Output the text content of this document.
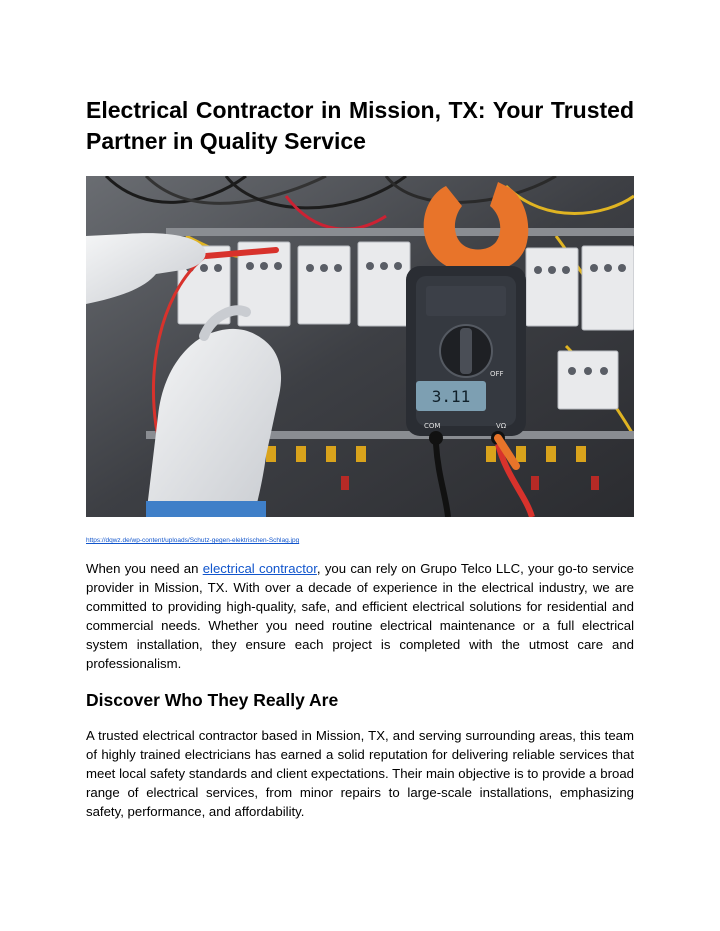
Electrical Contractor in Mission, TX: Your Trusted Partner in Quality Service
3.11
COM	VΩ
OFF
https://dqwz.de/wp-content/uploads/Schutz-gegen-elektrischen-Schlag.jpg

When you need an electrical contractor, you can rely on Grupo Telco LLC, your go-to service provider in Mission, TX. With over a decade of experience in the electrical industry, we are committed to providing high-quality, safe, and efficient electrical solutions for residential and commercial needs. Whether you need routine electrical maintenance or a full electrical system installation, they ensure each project is completed with the utmost care and professionalism.

Discover Who They Really Are

A trusted electrical contractor based in Mission, TX, and serving surrounding areas, this team of highly trained electricians has earned a solid reputation for delivering reliable services that meet local safety standards and client expectations. Their main objective is to provide a broad range of electrical services, from minor repairs to large-scale installations, emphasizing safety, performance, and affordability.
